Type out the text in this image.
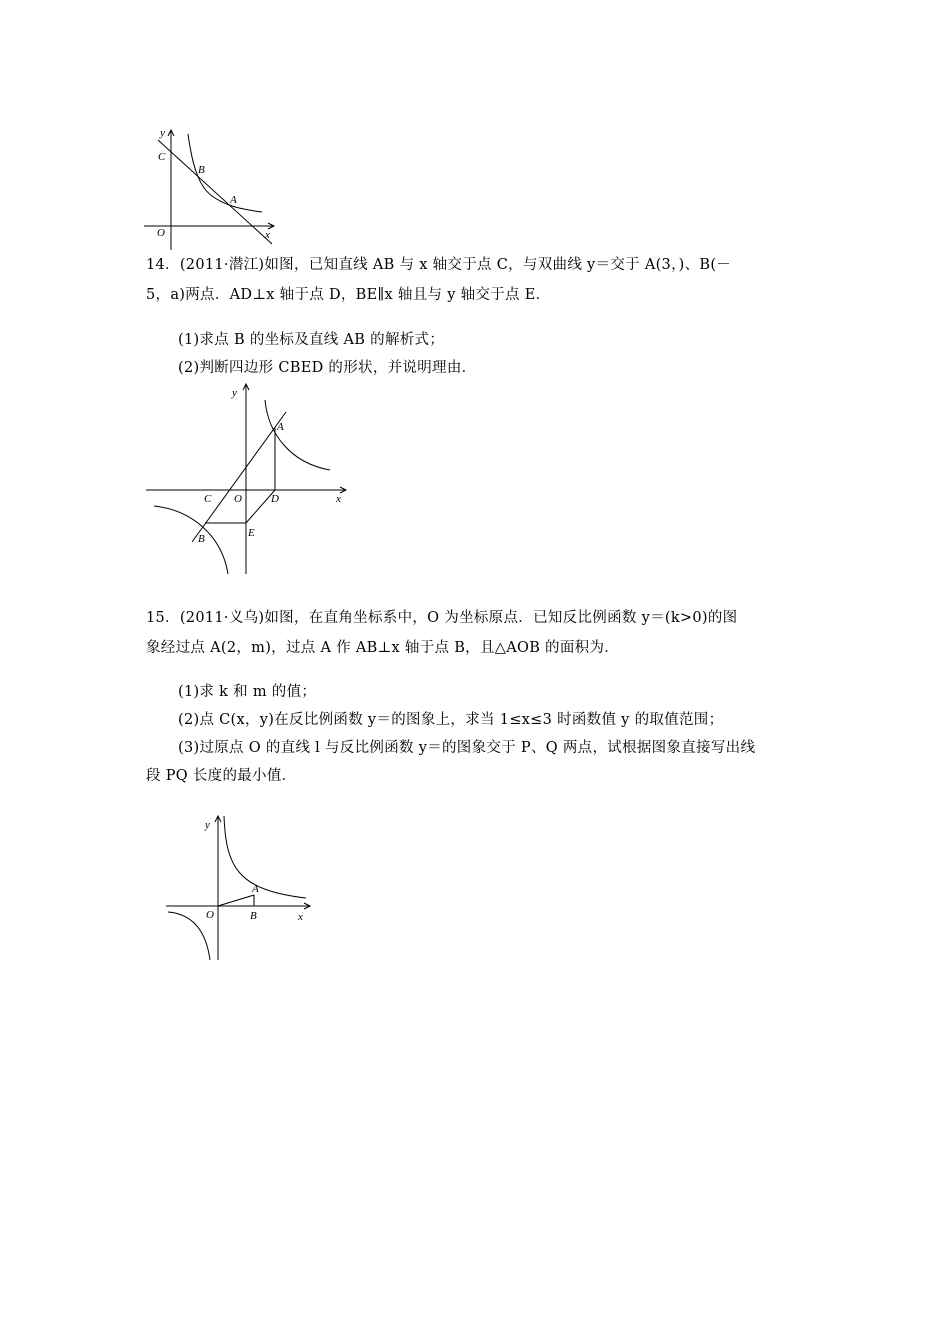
y
C
B
A
O	x
14．(2011·潜江)如图，已知直线 AB 与 x 轴交于点 C，与双曲线 y＝交于 A(3，)、B(－
5，a)两点．AD⊥x 轴于点 D，BE∥x 轴且与 y 轴交于点 E．
(1)求点 B 的坐标及直线 AB 的解析式；
(2)判断四边形 CBED 的形状，并说明理由．
y
A
C O	D	x
E
B
15．(2011·义乌)如图，在直角坐标系中，O 为坐标原点．已知反比例函数 y＝(k>0)的图
象经过点 A(2，m)，过点 A 作 AB⊥x 轴于点 B，且△AOB 的面积为．
(1)求 k 和 m 的值；
(2)点 C(x，y)在反比例函数 y＝的图象上，求当 1≤x≤3 时函数值 y 的取值范围；
(3)过原点 O 的直线 l 与反比例函数 y＝的图象交于 P、Q 两点，试根据图象直接写出线
段 PQ 长度的最小值．
y
A
O	B	x
